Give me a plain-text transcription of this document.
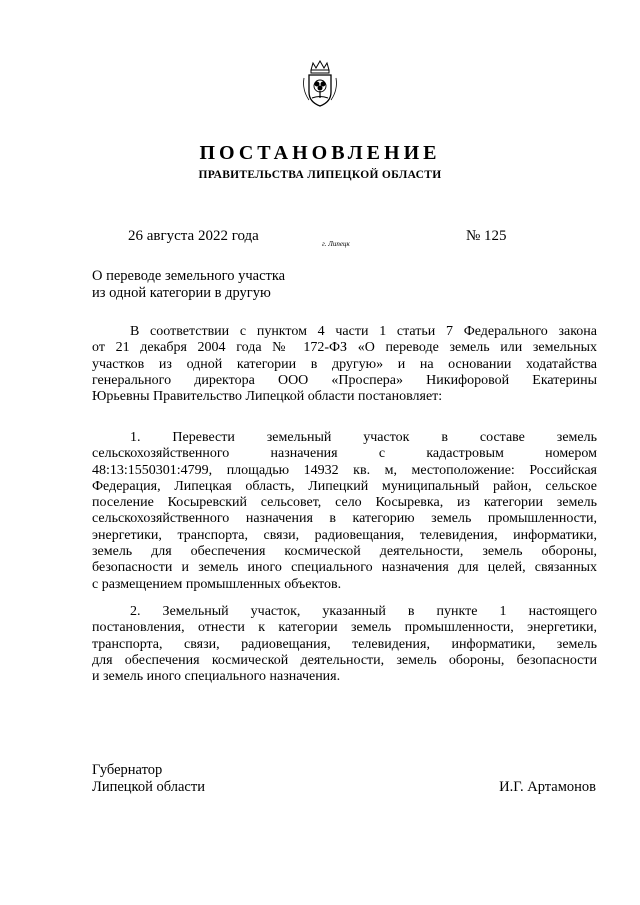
ПОСТАНОВЛЕНИЕ
ПРАВИТЕЛЬСТВА ЛИПЕЦКОЙ ОБЛАСТИ
26 августа 2022 года	г. Липецк	№ 125
О переводе земельного участка
из одной категории в другую
В соответствии с пунктом 4 части 1 статьи 7 Федерального закона
от 21 декабря 2004 года № 172-ФЗ «О переводе земель или земельных
участков из одной категории в другую» и на основании ходатайства
генерального директора ООО «Проспера» Никифоровой Екатерины
Юрьевны Правительство Липецкой области постановляет:
1. Перевести земельный участок в составе земель
сельскохозяйственного назначения с кадастровым номером
48:13:1550301:4799, площадью 14932 кв. м, местоположение: Российская
Федерация, Липецкая область, Липецкий муниципальный район, сельское
поселение Косыревский сельсовет, село Косыревка, из категории земель
сельскохозяйственного назначения в категорию земель промышленности,
энергетики, транспорта, связи, радиовещания, телевидения, информатики,
земель для обеспечения космической деятельности, земель обороны,
безопасности и земель иного специального назначения для целей, связанных
с размещением промышленных объектов.
2. Земельный участок, указанный в пункте 1 настоящего
постановления, отнести к категории земель промышленности, энергетики,
транспорта, связи, радиовещания, телевидения, информатики, земель
для обеспечения космической деятельности, земель обороны, безопасности
и земель иного специального назначения.
Губернатор
Липецкой области	И.Г. Артамонов
